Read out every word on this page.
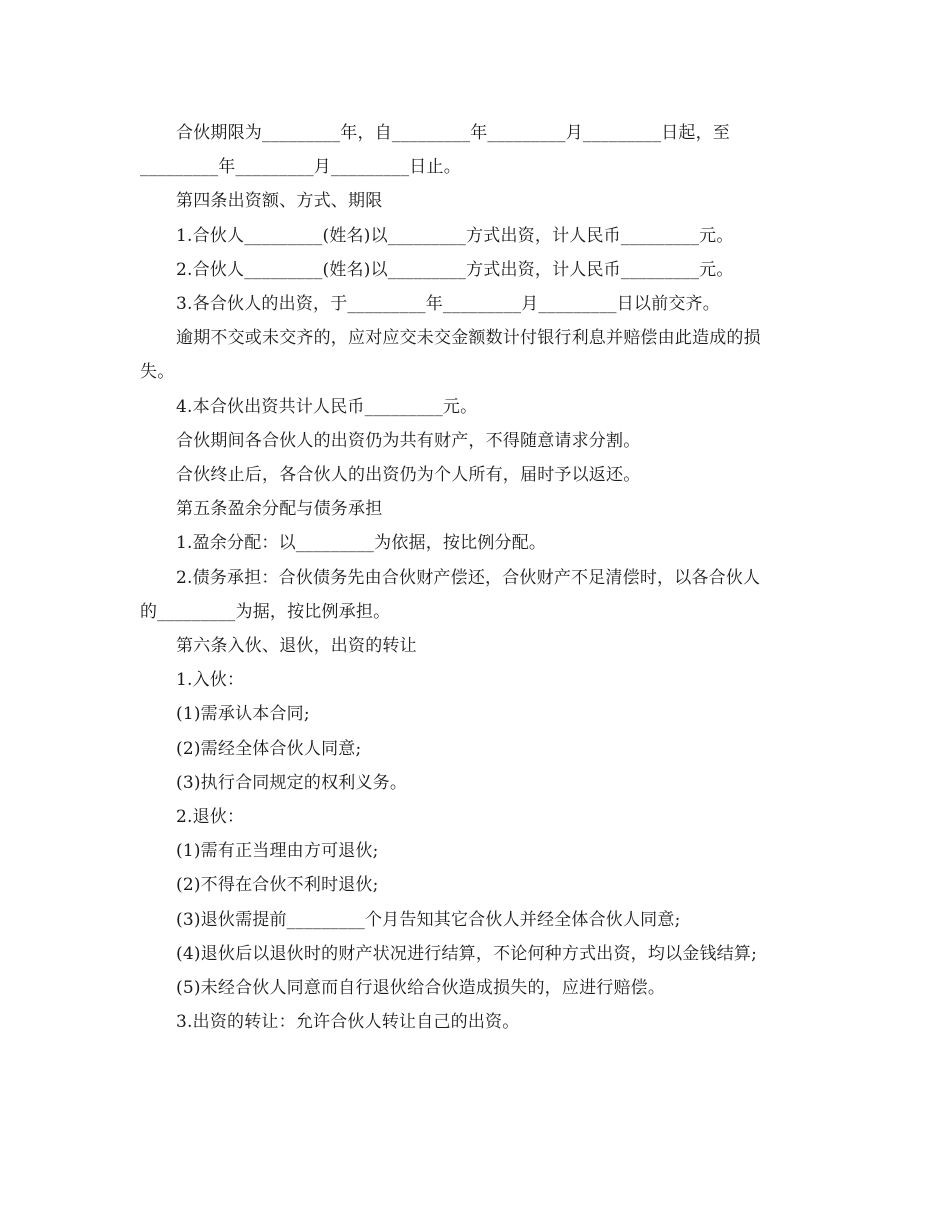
合伙期限为_________年，自_________年_________月_________日起，至

_________年_________月_________日止。

第四条出资额、方式、期限

1.合伙人_________(姓名)以_________方式出资，计人民币_________元。

2.合伙人_________(姓名)以_________方式出资，计人民币_________元。

3.各合伙人的出资，于_________年_________月_________日以前交齐。

逾期不交或未交齐的，应对应交未交金额数计付银行利息并赔偿由此造成的损

失。

4.本合伙出资共计人民币_________元。

合伙期间各合伙人的出资仍为共有财产，不得随意请求分割。

合伙终止后，各合伙人的出资仍为个人所有，届时予以返还。

第五条盈余分配与债务承担

1.盈余分配：以_________为依据，按比例分配。

2.债务承担：合伙债务先由合伙财产偿还，合伙财产不足清偿时，以各合伙人

的_________为据，按比例承担。

第六条入伙、退伙，出资的转让

1.入伙：

(1)需承认本合同;

(2)需经全体合伙人同意;

(3)执行合同规定的权利义务。

2.退伙：

(1)需有正当理由方可退伙;

(2)不得在合伙不利时退伙;

(3)退伙需提前_________个月告知其它合伙人并经全体合伙人同意;

(4)退伙后以退伙时的财产状况进行结算，不论何种方式出资，均以金钱结算;

(5)未经合伙人同意而自行退伙给合伙造成损失的，应进行赔偿。

3.出资的转让：允许合伙人转让自己的出资。
